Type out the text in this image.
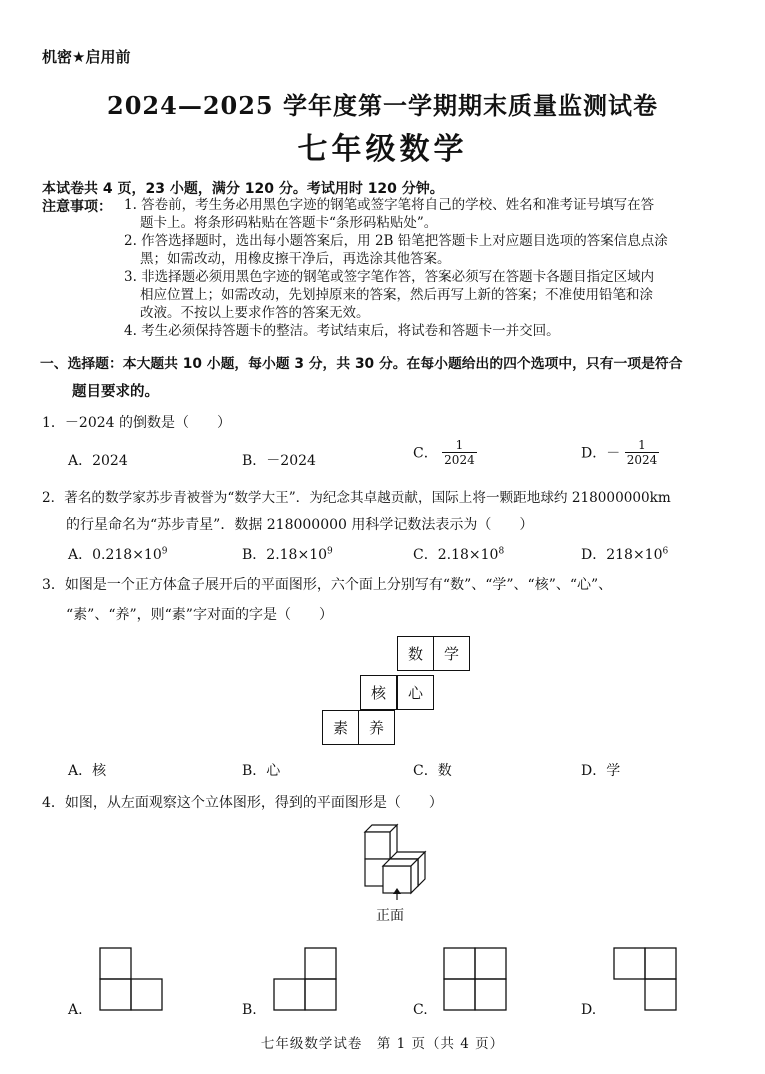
机密★启用前
2024—2025 学年度第一学期期末质量监测试卷
七年级数学
本试卷共 4 页，23 小题，满分 120 分。考试用时 120 分钟。
注意事项： 1. 答卷前，考生务必用黑色字迹的钢笔或签字笔将自己的学校、姓名和准考证号填写在答
题卡上。将条形码粘贴在答题卡“条形码粘贴处”。
2. 作答选择题时，选出每小题答案后，用 2B 铅笔把答题卡上对应题目选项的答案信息点涂
黑；如需改动，用橡皮擦干净后，再选涂其他答案。
3. 非选择题必须用黑色字迹的钢笔或签字笔作答，答案必须写在答题卡各题目指定区域内
相应位置上；如需改动，先划掉原来的答案，然后再写上新的答案；不准使用铅笔和涂
改液。不按以上要求作答的答案无效。
4. 考生必须保持答题卡的整洁。考试结束后，将试卷和答题卡一并交回。
一、选择题：本大题共 10 小题，每小题 3 分，共 30 分。在每小题给出的四个选项中，只有一项是符合
题目要求的。
1．－2024 的倒数是（　　）
A．2024	B．－2024	C． $\frac{1}{2024}$	D．－ $\frac{1}{2024}$
2．著名的数学家苏步青被誉为“数学大王”．为纪念其卓越贡献，国际上将一颗距地球约 218000000km
的行星命名为“苏步青星”．数据 218000000 用科学记数法表示为（　　）
A．$0.218\times 10^9$	B．$2.18\times 10^9$	C．$2.18\times 10^8$	D．$218\times 10^6$
3．如图是一个正方体盒子展开后的平面图形，六个面上分别写有“数”、“学”、“核”、“心”、
“素”、“养”，则“素”字对面的字是（　　）
数	学
核	心
素	养
A．核	B．心	C．数	D．学
4．如图，从左面观察这个立体图形，得到的平面图形是（　　）
正面
A.	B.	C.	D.
七年级数学试卷　第 1 页（共 4 页）
